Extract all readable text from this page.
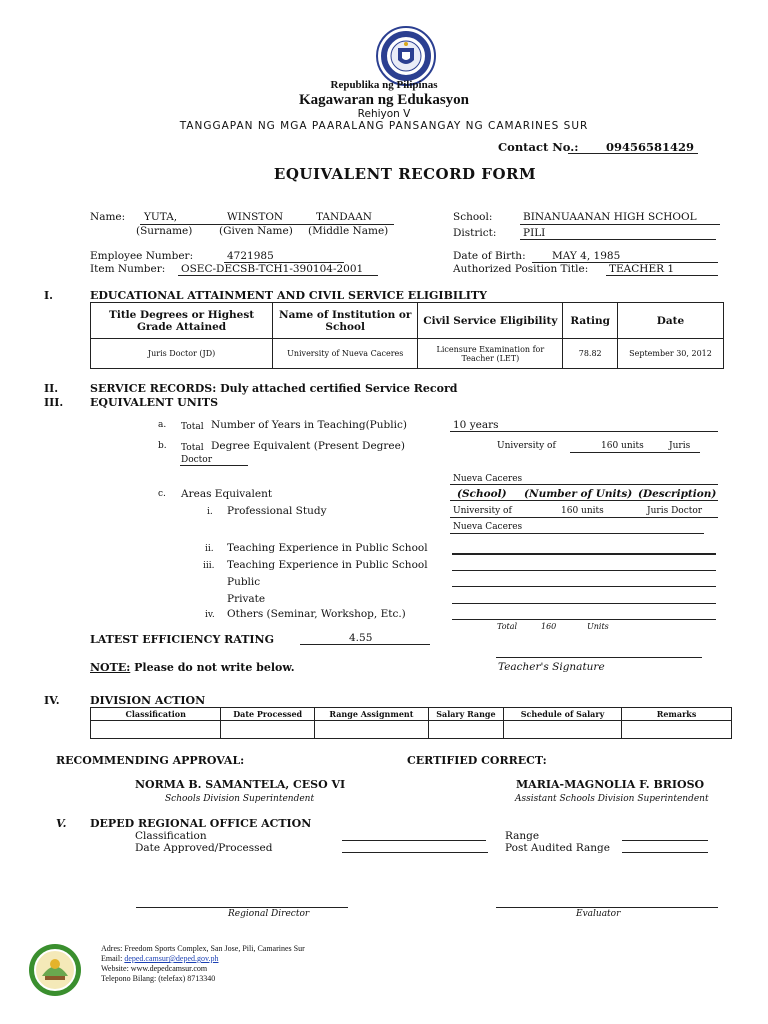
Republika ng Pilipinas
Kagawaran ng Edukasyon
Rehiyon V
TANGGAPAN NG MGA PAARALANG PANSANGAY NG CAMARINES SUR
Contact No.: 09456581429
EQUIVALENT RECORD FORM
Name: YUTA,	WINSTON	TANDAAN
(Surname)	(Given Name) (Middle Name)
School:	BINANUAANAN HIGH SCHOOL
District:	PILI
Employee Number:	4721985
Item Number: OSEC-DECSB-TCH1-390104-2001
Date of Birth:	MAY 4, 1985
Authorized Position Title: TEACHER 1
I.	EDUCATIONAL ATTAINMENT AND CIVIL SERVICE ELIGIBILITY
Title Degrees or Highest Grade Attained	Name of Institution or School	Civil Service Eligibility	Rating	Date
Juris Doctor (JD)	University of Nueva Caceres	Licensure Examination for Teacher (LET)	78.82	September 30, 2012
II.	SERVICE RECORDS: Duly attached certified Service Record
III. EQUIVALENT UNITS
a. Total Number of Years in Teaching(Public)	10 years
b. Total Degree Equivalent (Present Degree)	University of	160 units	Juris
Doctor
Nueva Caceres
c. Areas Equivalent	(School) (Number of Units) (Description)
i. Professional Study	University of	160 units	Juris Doctor
Nueva Caceres
ii. Teaching Experience in Public School
iii. Teaching Experience in Public School
Public
Private
iv. Others (Seminar, Workshop, Etc.)
Total	160	Units
LATEST EFFICIENCY RATING	4.55
NOTE: Please do not write below.	Teacher's Signature
IV.	DIVISION ACTION
Classification	Date Processed	Range Assignment	Salary Range	Schedule of Salary	Remarks

RECOMMENDING APPROVAL:	CERTIFIED CORRECT:
NORMA B. SAMANTELA, CESO VI
Schools Division Superintendent
MARIA-MAGNOLIA F. BRIOSO
Assistant Schools Division Superintendent
V. DEPED REGIONAL OFFICE ACTION
Classification	Range
Date Approved/Processed	Post Audited Range
Regional Director	Evaluator
Adres: Freedom Sports Complex, San Jose, Pili, Camarines Sur
Email: deped.camsur@deped.gov.ph
Website: www.depedcamsur.com
Telepono Bilang: (telefax) 8713340
